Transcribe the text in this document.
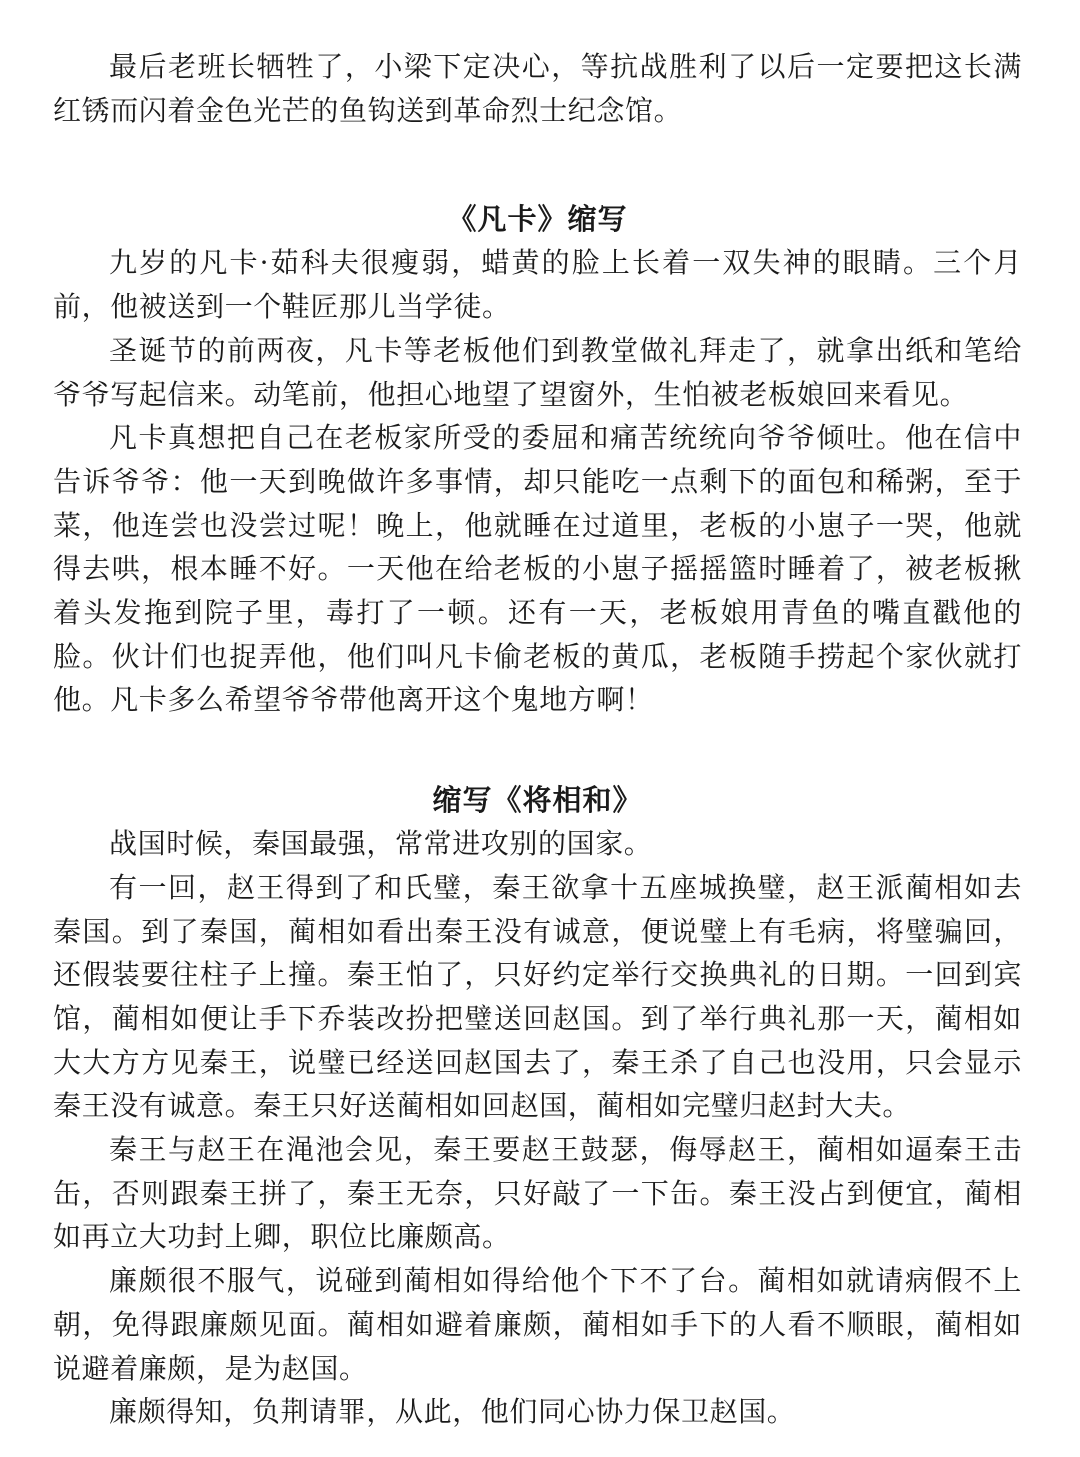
最后老班长牺牲了，小梁下定决心，等抗战胜利了以后一定要把这长满红锈而闪着金色光芒的鱼钩送到革命烈士纪念馆。

《凡卡》缩写

九岁的凡卡·茹科夫很瘦弱，蜡黄的脸上长着一双失神的眼睛。三个月前，他被送到一个鞋匠那儿当学徒。

圣诞节的前两夜，凡卡等老板他们到教堂做礼拜走了，就拿出纸和笔给爷爷写起信来。动笔前，他担心地望了望窗外，生怕被老板娘回来看见。

凡卡真想把自己在老板家所受的委屈和痛苦统统向爷爷倾吐。他在信中告诉爷爷：他一天到晚做许多事情，却只能吃一点剩下的面包和稀粥，至于菜，他连尝也没尝过呢！晚上，他就睡在过道里，老板的小崽子一哭，他就得去哄，根本睡不好。一天他在给老板的小崽子摇摇篮时睡着了，被老板揪着头发拖到院子里，毒打了一顿。还有一天，老板娘用青鱼的嘴直戳他的脸。伙计们也捉弄他，他们叫凡卡偷老板的黄瓜，老板随手捞起个家伙就打他。凡卡多么希望爷爷带他离开这个鬼地方啊！

缩写《将相和》

战国时候，秦国最强，常常进攻别的国家。

有一回，赵王得到了和氏璧，秦王欲拿十五座城换璧，赵王派蔺相如去秦国。到了秦国，蔺相如看出秦王没有诚意，便说璧上有毛病，将璧骗回，还假装要往柱子上撞。秦王怕了，只好约定举行交换典礼的日期。一回到宾馆，蔺相如便让手下乔装改扮把璧送回赵国。到了举行典礼那一天，蔺相如大大方方见秦王，说璧已经送回赵国去了，秦王杀了自己也没用，只会显示秦王没有诚意。秦王只好送蔺相如回赵国，蔺相如完璧归赵封大夫。

秦王与赵王在渑池会见，秦王要赵王鼓瑟，侮辱赵王，蔺相如逼秦王击缶，否则跟秦王拼了，秦王无奈，只好敲了一下缶。秦王没占到便宜，蔺相如再立大功封上卿，职位比廉颇高。

廉颇很不服气，说碰到蔺相如得给他个下不了台。蔺相如就请病假不上朝，免得跟廉颇见面。蔺相如避着廉颇，蔺相如手下的人看不顺眼，蔺相如说避着廉颇，是为赵国。

廉颇得知，负荆请罪，从此，他们同心协力保卫赵国。
